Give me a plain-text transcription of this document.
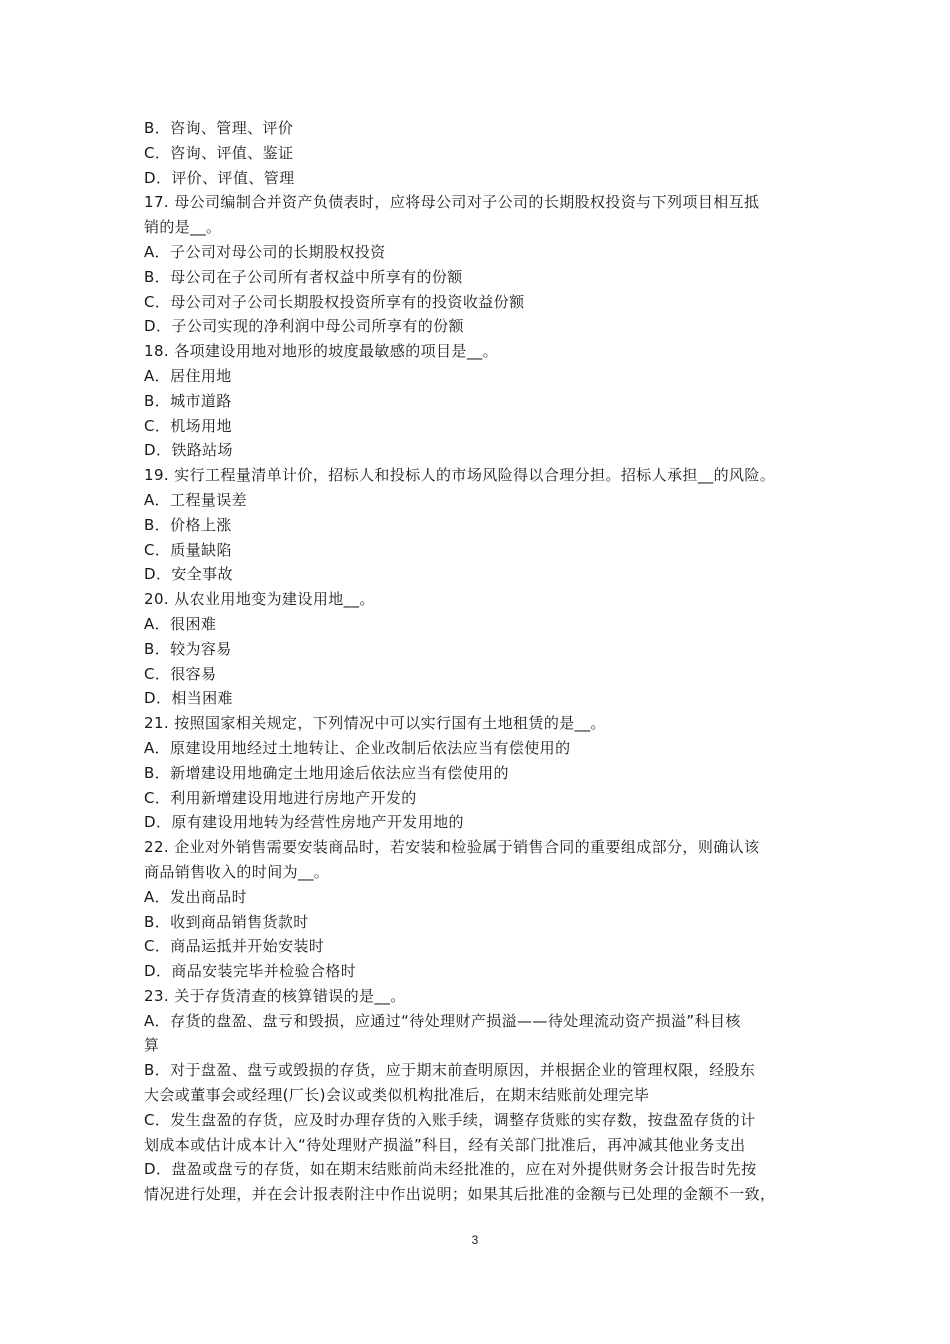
B．咨询、管理、评价
C．咨询、评值、鉴证
D．评价、评值、管理
17. 母公司编制合并资产负债表时，应将母公司对子公司的长期股权投资与下列项目相互抵
销的是__。
A．子公司对母公司的长期股权投资
B．母公司在子公司所有者权益中所享有的份额
C．母公司对子公司长期股权投资所享有的投资收益份额
D．子公司实现的净利润中母公司所享有的份额
18. 各项建设用地对地形的坡度最敏感的项目是__。
A．居住用地
B．城市道路
C．机场用地
D．铁路站场
19. 实行工程量清单计价，招标人和投标人的市场风险得以合理分担。招标人承担__的风险。
A．工程量误差
B．价格上涨
C．质量缺陷
D．安全事故
20. 从农业用地变为建设用地__。
A．很困难
B．较为容易
C．很容易
D．相当困难
21. 按照国家相关规定，下列情况中可以实行国有土地租赁的是__。
A．原建设用地经过土地转让、企业改制后依法应当有偿使用的
B．新增建设用地确定土地用途后依法应当有偿使用的
C．利用新增建设用地进行房地产开发的
D．原有建设用地转为经营性房地产开发用地的
22. 企业对外销售需要安装商品时，若安装和检验属于销售合同的重要组成部分，则确认该
商品销售收入的时间为__。
A．发出商品时
B．收到商品销售货款时
C．商品运抵并开始安装时
D．商品安装完毕并检验合格时
23. 关于存货清查的核算错误的是__。
A．存货的盘盈、盘亏和毁损，应通过“待处理财产损溢——待处理流动资产损溢”科目核
算
B．对于盘盈、盘亏或毁损的存货，应于期末前查明原因，并根据企业的管理权限，经股东
大会或董事会或经理(厂长)会议或类似机构批准后，在期末结账前处理完毕
C．发生盘盈的存货，应及时办理存货的入账手续，调整存货账的实存数，按盘盈存货的计
划成本或估计成本计入“待处理财产损溢”科目，经有关部门批准后，再冲减其他业务支出
D．盘盈或盘亏的存货，如在期末结账前尚未经批准的，应在对外提供财务会计报告时先按
情况进行处理，并在会计报表附注中作出说明；如果其后批准的金额与已处理的金额不一致，
3
